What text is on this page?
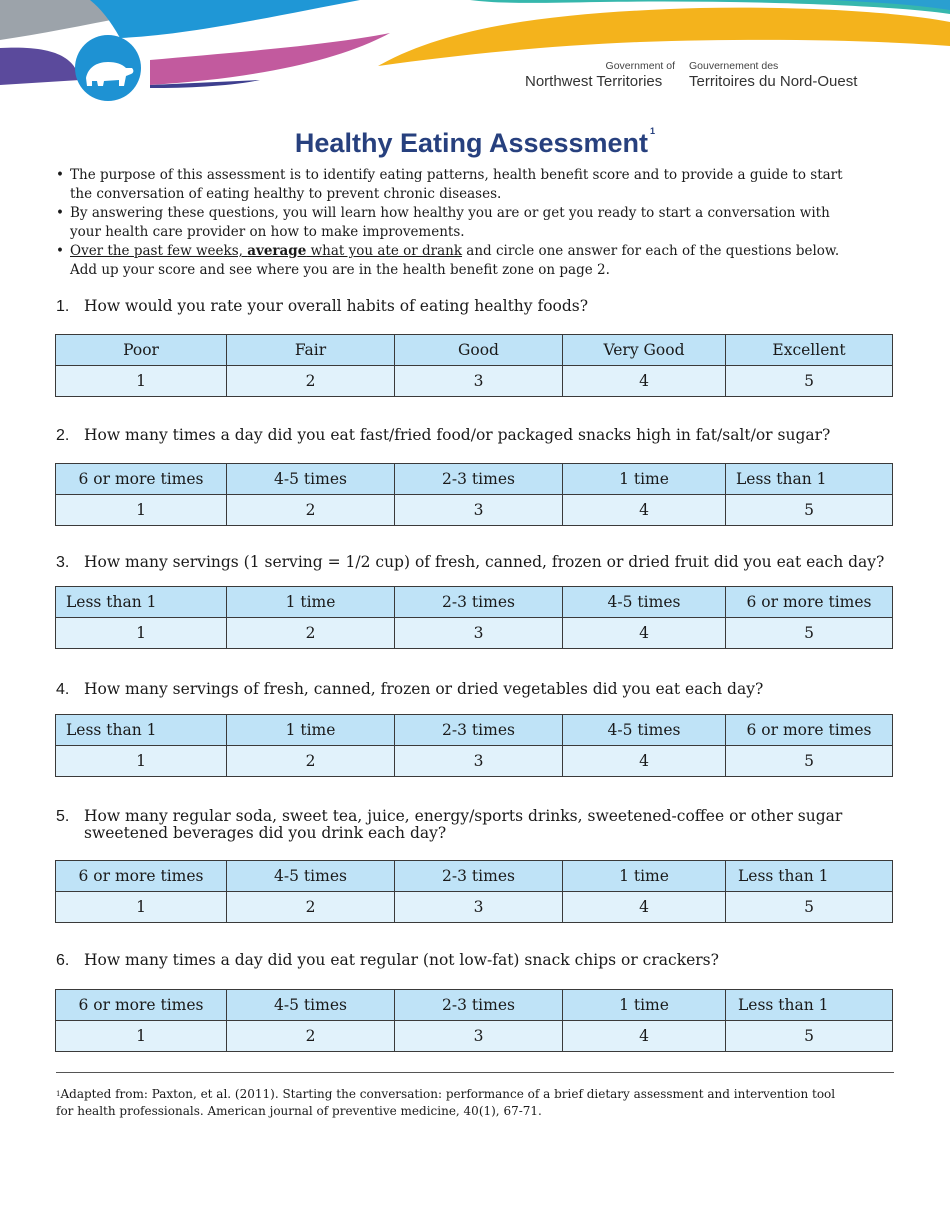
Government of
Northwest Territories
Gouvernement des
Territoires du Nord-Ouest
Healthy Eating Assessment $^1$
• The purpose of this assessment is to identify eating patterns, health benefit score and to provide a guide to start the conversation of eating healthy to prevent chronic diseases.
• By answering these questions, you will learn how healthy you are or get you ready to start a conversation with your health care provider on how to make improvements.
• Over the past few weeks, average what you ate or drank and circle one answer for each of the questions below. Add up your score and see where you are in the health benefit zone on page 2.
1. How would you rate your overall habits of eating healthy foods?
Poor	Fair	Good	Very Good	Excellent
1	2	3	4	5
2. How many times a day did you eat fast/fried food/or packaged snacks high in fat/salt/or sugar?
6 or more times	4-5 times	2-3 times	1 time	Less than 1
1	2	3	4	5
3. How many servings (1 serving = 1/2 cup) of fresh, canned, frozen or dried fruit did you eat each day?
Less than 1	1 time	2-3 times	4-5 times	6 or more times
1	2	3	4	5
4. How many servings of fresh, canned, frozen or dried vegetables did you eat each day?
Less than 1	1 time	2-3 times	4-5 times	6 or more times
1	2	3	4	5
5. How many regular soda, sweet tea, juice, energy/sports drinks, sweetened-coffee or other sugar sweetened beverages did you drink each day?
6 or more times	4-5 times	2-3 times	1 time	Less than 1
1	2	3	4	5
6. How many times a day did you eat regular (not low-fat) snack chips or crackers?
6 or more times	4-5 times	2-3 times	1 time	Less than 1
1	2	3	4	5
$^1$Adapted from: Paxton, et al. (2011). Starting the conversation: performance of a brief dietary assessment and intervention tool for health professionals. American journal of preventive medicine, 40(1), 67-71.
